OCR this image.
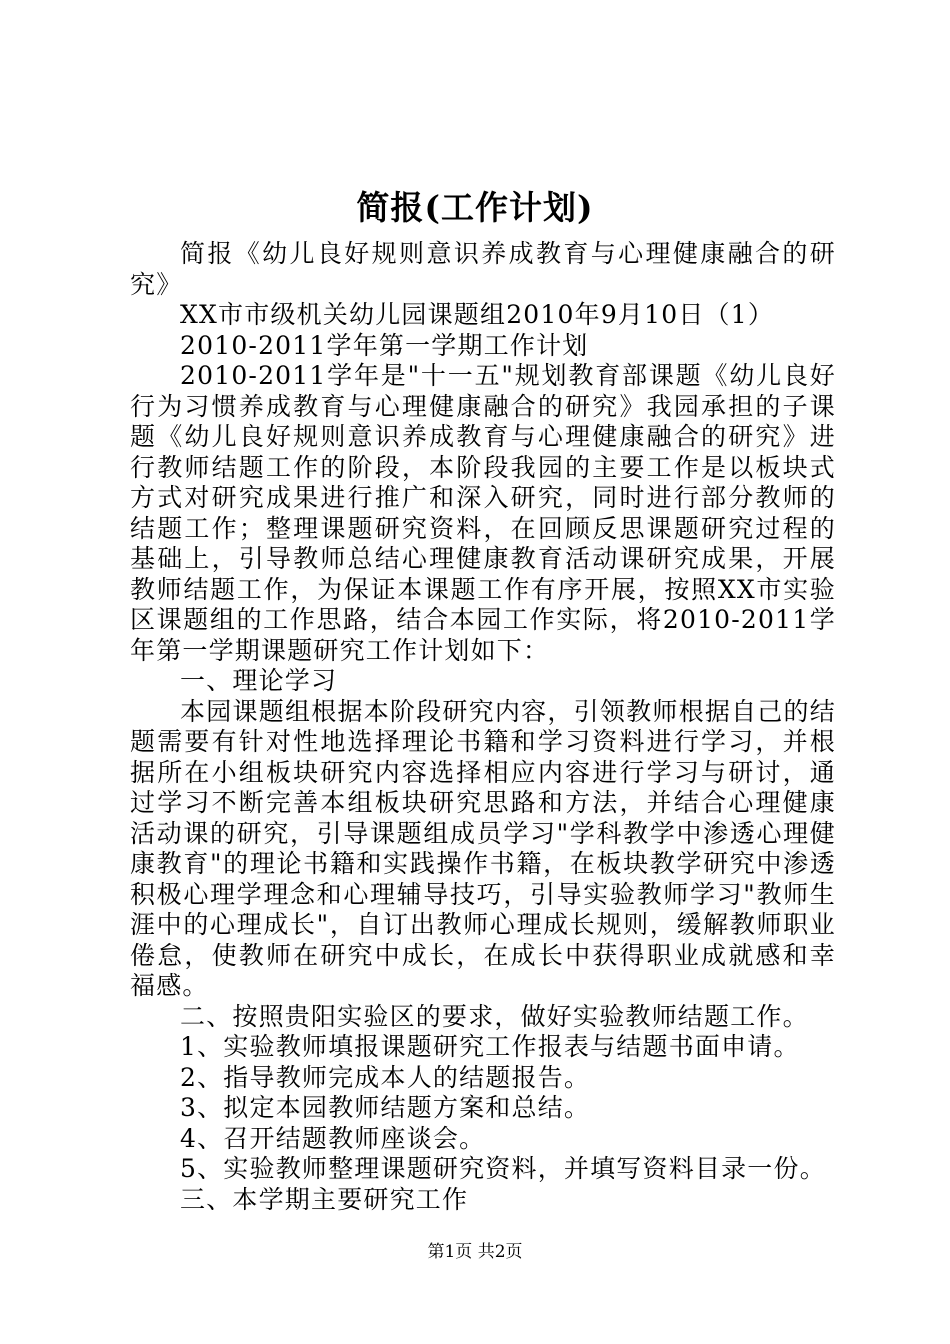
简报(工作计划)

简报《幼儿良好规则意识养成教育与心理健康融合的研究》

XX市市级机关幼儿园课题组2010年9月10日（1）

2010-2011学年第一学期工作计划

2010-2011学年是"十一五"规划教育部课题《幼儿良好行为习惯养成教育与心理健康融合的研究》我园承担的子课题《幼儿良好规则意识养成教育与心理健康融合的研究》进行教师结题工作的阶段，本阶段我园的主要工作是以板块式方式对研究成果进行推广和深入研究，同时进行部分教师的结题工作；整理课题研究资料，在回顾反思课题研究过程的基础上，引导教师总结心理健康教育活动课研究成果，开展教师结题工作，为保证本课题工作有序开展，按照XX市实验区课题组的工作思路，结合本园工作实际，将2010-2011学年第一学期课题研究工作计划如下：

一、理论学习

本园课题组根据本阶段研究内容，引领教师根据自己的结题需要有针对性地选择理论书籍和学习资料进行学习，并根据所在小组板块研究内容选择相应内容进行学习与研讨，通过学习不断完善本组板块研究思路和方法，并结合心理健康活动课的研究，引导课题组成员学习"学科教学中渗透心理健康教育"的理论书籍和实践操作书籍，在板块教学研究中渗透积极心理学理念和心理辅导技巧，引导实验教师学习"教师生涯中的心理成长"，自订出教师心理成长规则，缓解教师职业倦怠，使教师在研究中成长，在成长中获得职业成就感和幸福感。

二、按照贵阳实验区的要求，做好实验教师结题工作。

1、实验教师填报课题研究工作报表与结题书面申请。

2、指导教师完成本人的结题报告。

3、拟定本园教师结题方案和总结。

4、召开结题教师座谈会。

5、实验教师整理课题研究资料，并填写资料目录一份。

三、本学期主要研究工作

第1页 共2页
